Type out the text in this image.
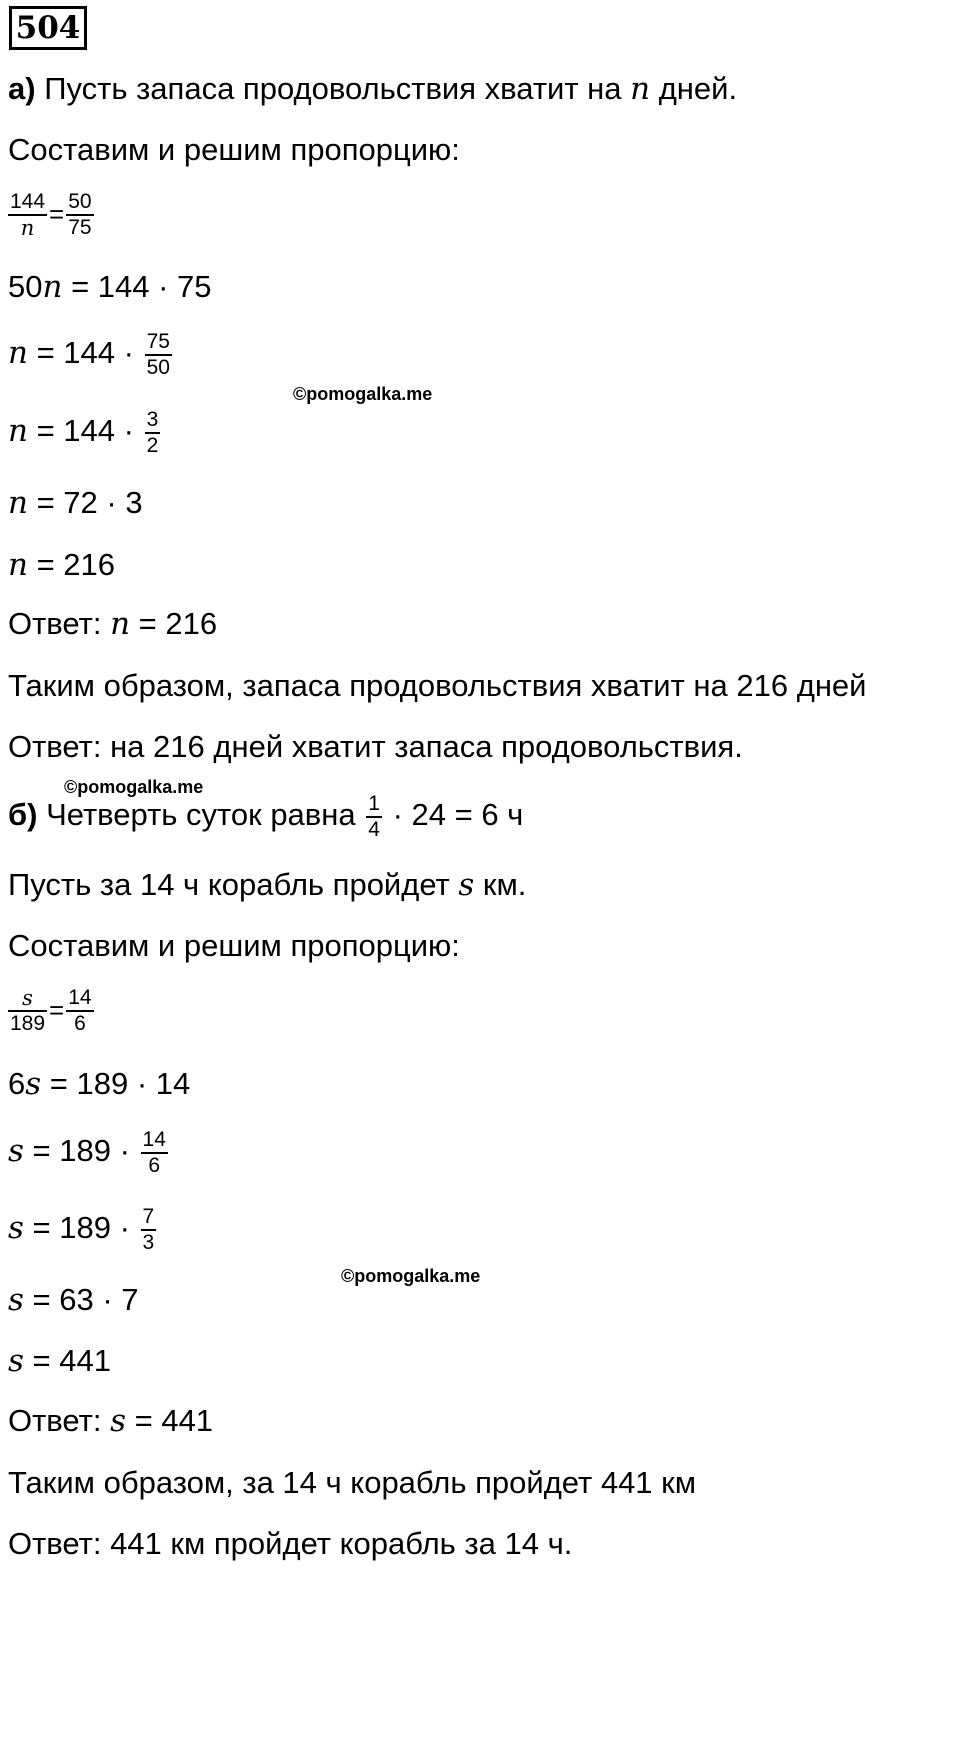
504
а) Пусть запаса продовольствия хватит на n дней.
Составим и решим пропорцию:
$\frac{144}{n} = \frac{50}{75}$
50n = 144 · 75
$n = 144 \cdot \frac{75}{50}$
$n = 144 \cdot \frac{3}{2}$
n = 72 · 3
n = 216
Ответ: n = 216
Таким образом, запаса продовольствия хватит на 216 дней
Ответ: на 216 дней хватит запаса продовольствия.
б) Четверть суток равна $\frac{1}{4} \cdot 24 = 6$ ч
Пусть за 14 ч корабль пройдет s км.
Составим и решим пропорцию:
$\frac{s}{189} = \frac{14}{6}$
6s = 189 · 14
$s = 189 \cdot \frac{14}{6}$
$s = 189 \cdot \frac{7}{3}$
s = 63 · 7
s = 441
Ответ: s = 441
Таким образом, за 14 ч корабль пройдет 441 км
Ответ: 441 км пройдет корабль за 14 ч.
©pomogalka.me
©pomogalka.me
©pomogalka.me
